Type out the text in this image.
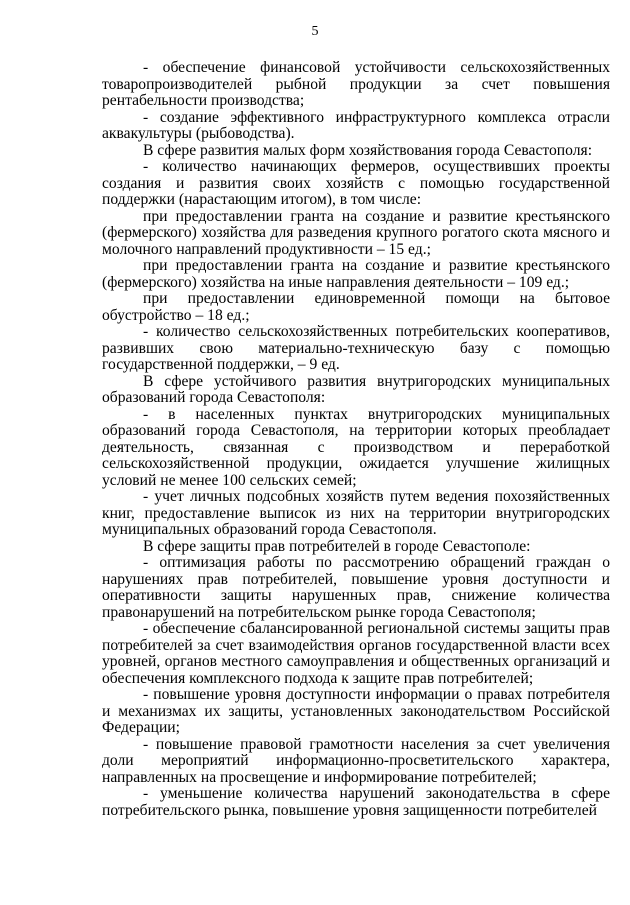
5

- обеспечение финансовой устойчивости сельскохозяйственных товаропроизводителей рыбной продукции за счет повышения рентабельности производства;

- создание эффективного инфраструктурного комплекса отрасли аквакультуры (рыбоводства).

В сфере развития малых форм хозяйствования города Севастополя:

- количество начинающих фермеров, осуществивших проекты создания и развития своих хозяйств с помощью государственной поддержки (нарастающим итогом), в том числе:

при предоставлении гранта на создание и развитие крестьянского (фермерского) хозяйства для разведения крупного рогатого скота мясного и молочного направлений продуктивности – 15 ед.;

при предоставлении гранта на создание и развитие крестьянского (фермерского) хозяйства на иные направления деятельности – 109 ед.;

при предоставлении единовременной помощи на бытовое обустройство – 18 ед.;

- количество сельскохозяйственных потребительских кооперативов, развивших свою материально-техническую базу с помощью государственной поддержки, – 9 ед.

В сфере устойчивого развития внутригородских муниципальных образований города Севастополя:

- в населенных пунктах внутригородских муниципальных образований города Севастополя, на территории которых преобладает деятельность, связанная с производством и переработкой сельскохозяйственной продукции, ожидается улучшение жилищных условий не менее 100 сельских семей;

- учет личных подсобных хозяйств путем ведения похозяйственных книг, предоставление выписок из них на территории внутригородских муниципальных образований города Севастополя.

В сфере защиты прав потребителей в городе Севастополе:

- оптимизация работы по рассмотрению обращений граждан о нарушениях прав потребителей, повышение уровня доступности и оперативности защиты нарушенных прав, снижение количества правонарушений на потребительском рынке города Севастополя;

- обеспечение сбалансированной региональной системы защиты прав потребителей за счет взаимодействия органов государственной власти всех уровней, органов местного самоуправления и общественных организаций и обеспечения комплексного подхода к защите прав потребителей;

- повышение уровня доступности информации о правах потребителя и механизмах их защиты, установленных законодательством Российской Федерации;

- повышение правовой грамотности населения за счет увеличения доли мероприятий информационно-просветительского характера, направленных на просвещение и информирование потребителей;

- уменьшение количества нарушений законодательства в сфере потребительского рынка, повышение уровня защищенности потребителей
